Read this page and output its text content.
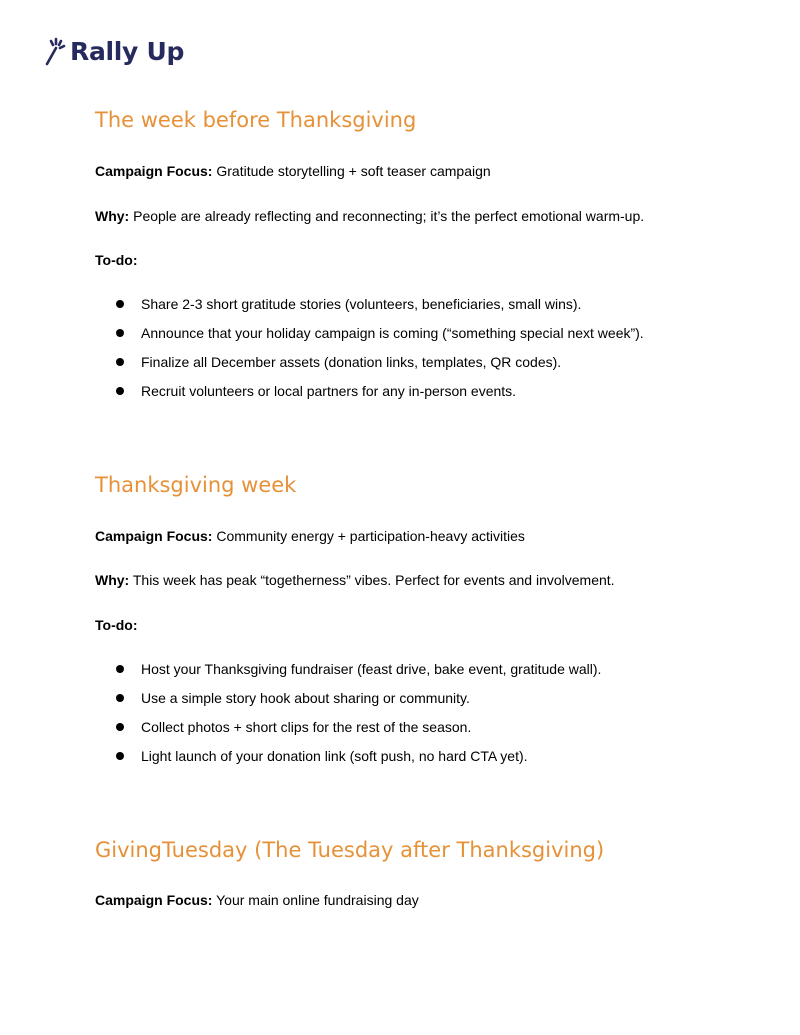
Rally Up
The week before Thanksgiving

Campaign Focus: Gratitude storytelling + soft teaser campaign

Why: People are already reflecting and reconnecting; it’s the perfect emotional warm-up.

To-do:

Share 2-3 short gratitude stories (volunteers, beneficiaries, small wins).
Announce that your holiday campaign is coming (“something special next week”).
Finalize all December assets (donation links, templates, QR codes).
Recruit volunteers or local partners for any in-person events.
Thanksgiving week

Campaign Focus: Community energy + participation-heavy activities

Why: This week has peak “togetherness” vibes. Perfect for events and involvement.

To-do:

Host your Thanksgiving fundraiser (feast drive, bake event, gratitude wall).
Use a simple story hook about sharing or community.
Collect photos + short clips for the rest of the season.
Light launch of your donation link (soft push, no hard CTA yet).
GivingTuesday (The Tuesday after Thanksgiving)

Campaign Focus: Your main online fundraising day
